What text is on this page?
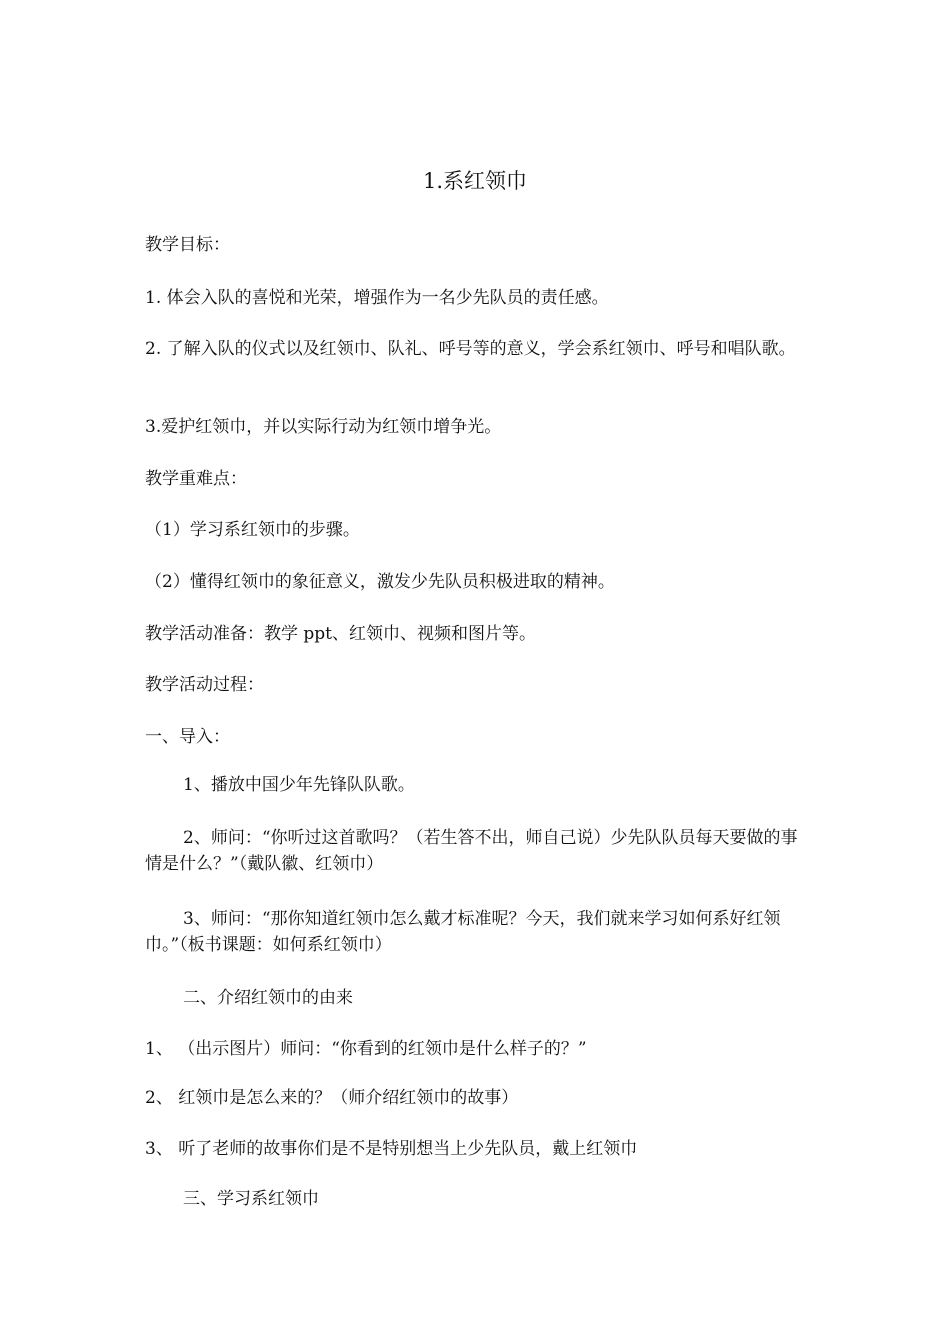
1.系红领巾
教学目标：
1. 体会入队的喜悦和光荣，增强作为一名少先队员的责任感。
2. 了解入队的仪式以及红领巾、队礼、呼号等的意义，学会系红领巾、呼号和唱队歌。
3.爱护红领巾，并以实际行动为红领巾增争光。
教学重难点：
（1）学习系红领巾的步骤。
（2）懂得红领巾的象征意义，激发少先队员积极进取的精神。
教学活动准备：教学 ppt、红领巾、视频和图片等。
教学活动过程：
一、导入：
1、播放中国少年先锋队队歌。
2、师问：“你听过这首歌吗？（若生答不出，师自己说）少先队队员每天要做的事情是什么？”（戴队徽、红领巾）
3、师问：“那你知道红领巾怎么戴才标准呢？今天，我们就来学习如何系好红领巾。”（板书课题：如何系红领巾）
二、介绍红领巾的由来
1、 （出示图片）师问：“你看到的红领巾是什么样子的？”
2、 红领巾是怎么来的？（师介绍红领巾的故事）
3、 听了老师的故事你们是不是特别想当上少先队员，戴上红领巾
三、学习系红领巾
